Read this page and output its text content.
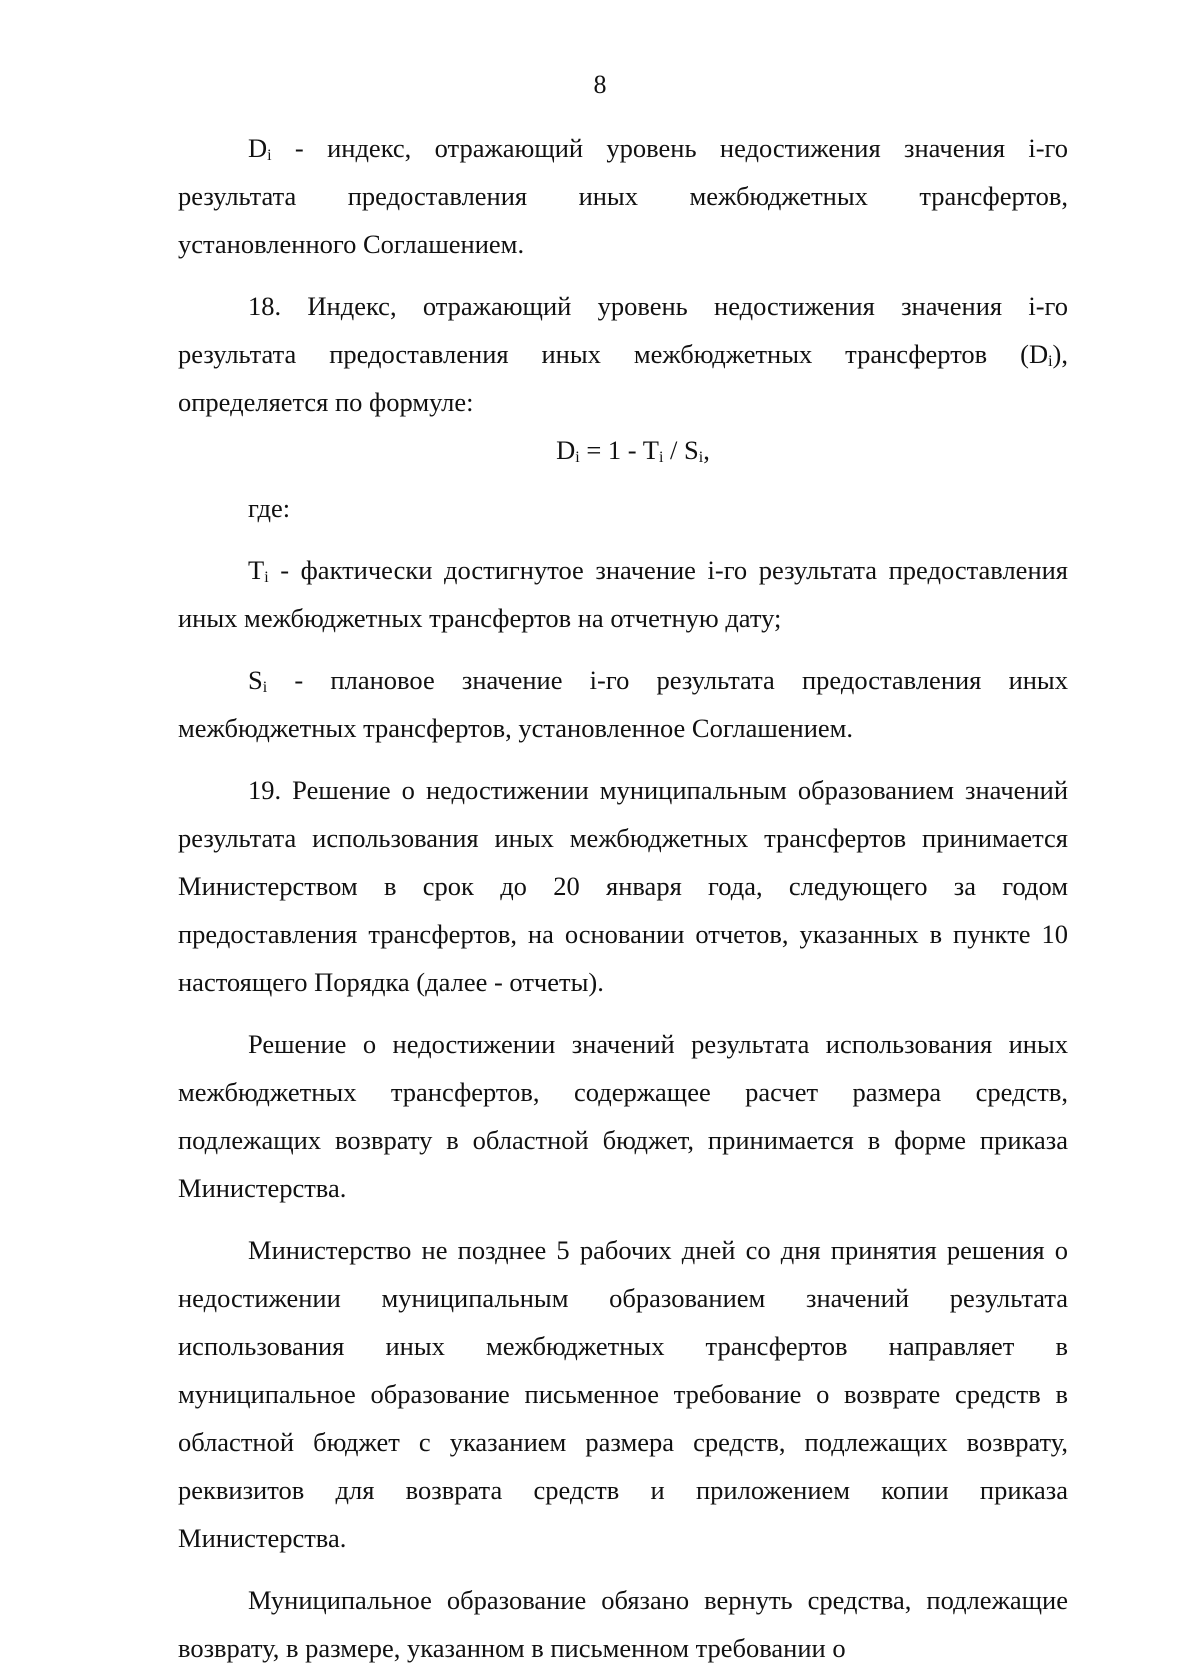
8

$D_i$ - индекс, отражающий уровень недостижения значения i-го результата предоставления иных межбюджетных трансфертов, установленного Соглашением.

18. Индекс, отражающий уровень недостижения значения i-го результата предоставления иных межбюджетных трансфертов $(D_i)$, определяется по формуле:

$D_i = 1 - T_i / S_i$,

где:

$T_i$ - фактически достигнутое значение i-го результата предоставления иных межбюджетных трансфертов на отчетную дату;

$S_i$ - плановое значение i-го результата предоставления иных межбюджетных трансфертов, установленное Соглашением.

19. Решение о недостижении муниципальным образованием значений результата использования иных межбюджетных трансфертов принимается Министерством в срок до 20 января года, следующего за годом предоставления трансфертов, на основании отчетов, указанных в пункте 10 настоящего Порядка (далее - отчеты).

Решение о недостижении значений результата использования иных межбюджетных трансфертов, содержащее расчет размера средств, подлежащих возврату в областной бюджет, принимается в форме приказа Министерства.

Министерство не позднее 5 рабочих дней со дня принятия решения о недостижении муниципальным образованием значений результата использования иных межбюджетных трансфертов направляет в муниципальное образование письменное требование о возврате средств в областной бюджет с указанием размера средств, подлежащих возврату, реквизитов для возврата средств и приложением копии приказа Министерства.

Муниципальное образование обязано вернуть средства, подлежащие возврату, в размере, указанном в письменном требовании о
